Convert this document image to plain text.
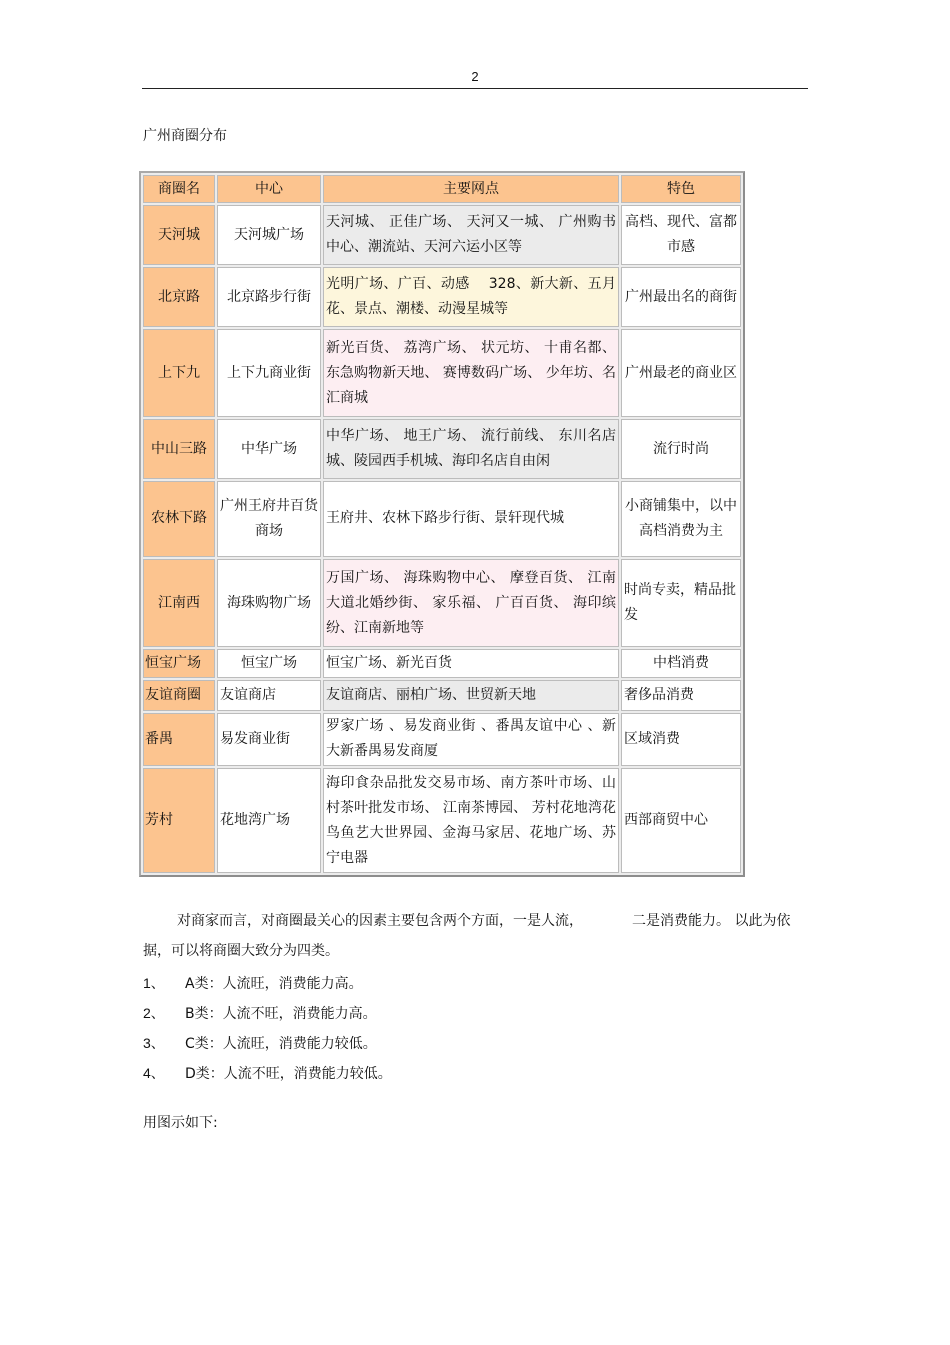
2
广州商圈分布
商圈名	中心	主要网点	特色
天河城	天河城广场	天河城、 正佳广场、 天河又一城、 广州购书中心、潮流站、天河六运小区等	高档、现代、富都市感
北京路	北京路步行街	光明广场、广百、动感　 328、新大新、五月花、景点、潮楼、动漫星城等	广州最出名的商街
上下九	上下九商业街	新光百货、 荔湾广场、 状元坊、 十甫名都、东急购物新天地、 赛博数码广场、 少年坊、名汇商城	广州最老的商业区
中山三路	中华广场	中华广场、 地王广场、 流行前线、 东川名店城、陵园西手机城、海印名店自由闲	流行时尚
农林下路	广州王府井百货商场	王府井、农林下路步行街、景轩现代城	小商铺集中，以中高档消费为主
江南西	海珠购物广场	万国广场、 海珠购物中心、 摩登百货、 江南大道北婚纱街、 家乐福、 广百百货、 海印缤纷、江南新地等	时尚专卖，精品批发
恒宝广场	恒宝广场	恒宝广场、新光百货	中档消费
友谊商圈	友谊商店	友谊商店、丽柏广场、世贸新天地	奢侈品消费
番禺	易发商业街	罗家广场 、易发商业街 、番禺友谊中心 、新大新番禺易发商厦	区域消费
芳村	花地湾广场	海印食杂品批发交易市场、南方茶叶市场、山村茶叶批发市场、 江南茶博园、 芳村花地湾花鸟鱼艺大世界园、金海马家居、花地广场、苏宁电器	西部商贸中心
对商家而言，对商圈最关心的因素主要包含两个方面，一是人流，　　　　二是消费能力。 以此为依据，可以将商圈大致分为四类。
1、 A类：人流旺，消费能力高。
2、 B类：人流不旺，消费能力高。
3、 C类：人流旺，消费能力较低。
4、 D类：人流不旺，消费能力较低。
用图示如下:
